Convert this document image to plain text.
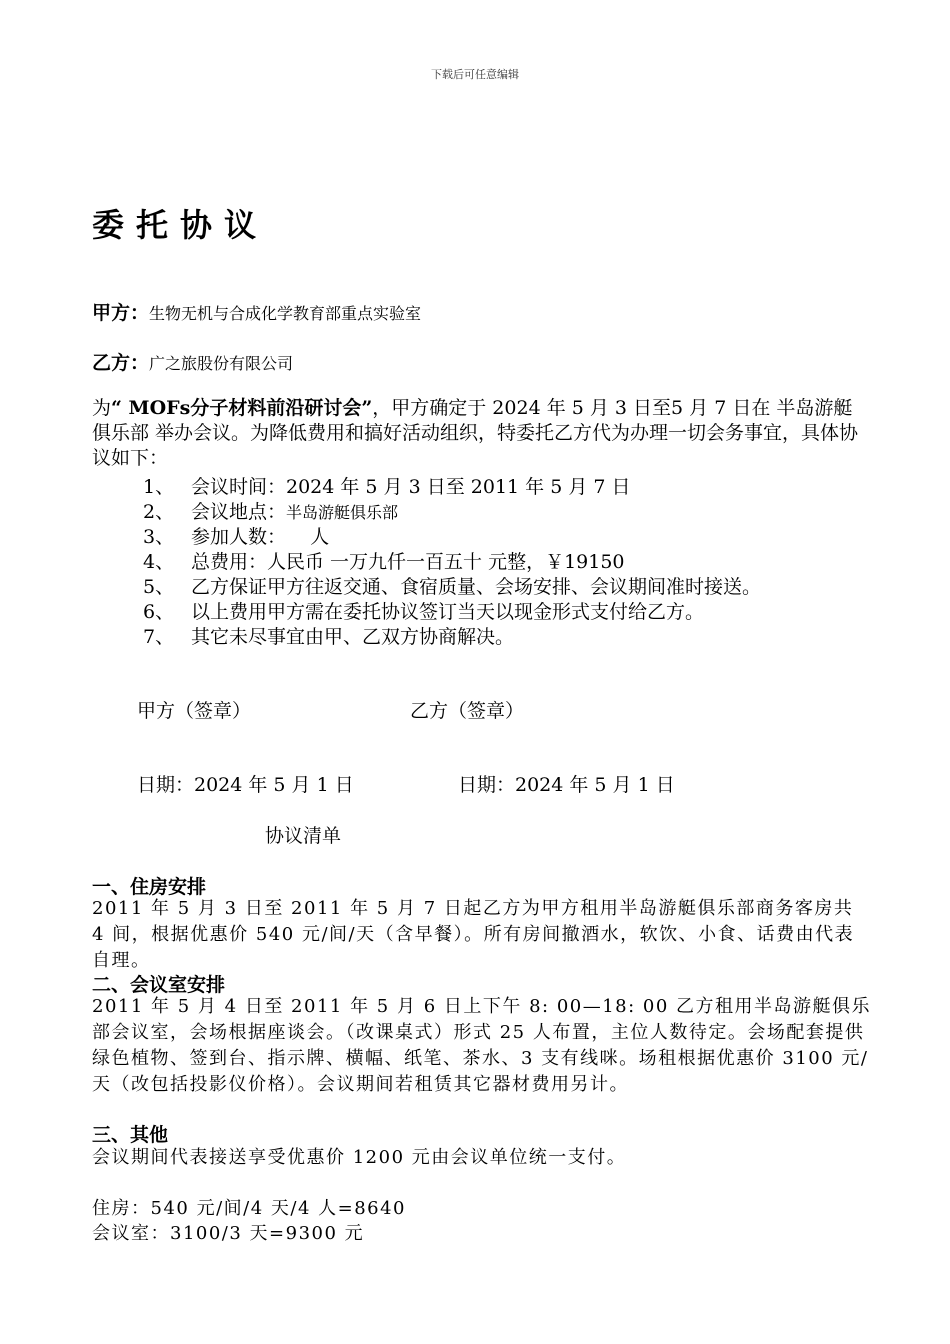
下载后可任意编辑
委托协议
甲方：生物无机与合成化学教育部重点实验室
乙方：广之旅股份有限公司
为“ MOFs分子材料前沿研讨会”，甲方确定于 2024 年 5 月 3 日至5 月 7 日在 半岛游艇俱乐部 举办会议。为降低费用和搞好活动组织，特委托乙方代为办理一切会务事宜，具体协议如下：
1、 会议时间：2024 年 5 月 3 日至 2011 年 5 月 7 日
2、 会议地点：半岛游艇俱乐部
3、 参加人数：    人
4、 总费用：人民币 一万九仟一百五十 元整，￥19150
5、 乙方保证甲方往返交通、食宿质量、会场安排、会议期间准时接送。
6、 以上费用甲方需在委托协议签订当天以现金形式支付给乙方。
7、 其它未尽事宜由甲、乙双方协商解决。
甲方（签章）	乙方（签章）
日期：2024 年 5 月 1 日	日期：2024 年 5 月 1 日
协议清单
一、住房安排
2011 年 5 月 3 日至 2011 年 5 月 7 日起乙方为甲方租用半岛游艇俱乐部商务客房共 4 间，根据优惠价 540 元/间/天（含早餐）。所有房间撤酒水，软饮、小食、话费由代表自理。
二、会议室安排
2011 年 5 月 4 日至 2011 年 5 月 6 日上下午 8: 00—18: 00 乙方租用半岛游艇俱乐部会议室，会场根据座谈会。（改课桌式）形式 25 人布置，主位人数待定。会场配套提供绿色植物、签到台、指示牌、横幅、纸笔、茶水、3 支有线咪。场租根据优惠价 3100 元/天（改包括投影仪价格）。会议期间若租赁其它器材费用另计。
三、其他
会议期间代表接送享受优惠价 1200 元由会议单位统一支付。
住房：540 元/间/4 天/4 人=8640
会议室：3100/3 天=9300 元
